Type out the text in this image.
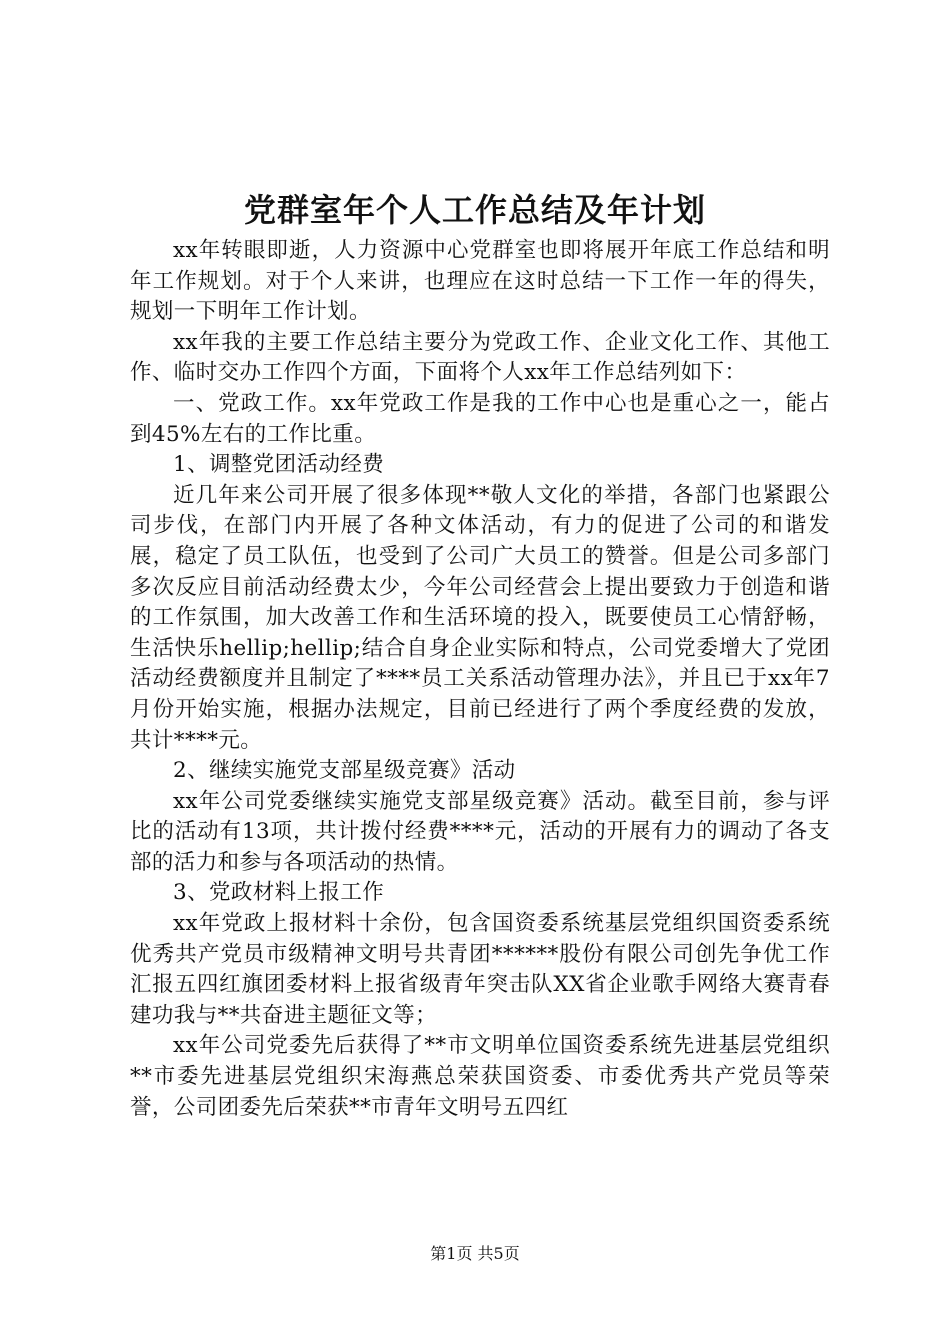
党群室年个人工作总结及年计划

xx年转眼即逝，人力资源中心党群室也即将展开年底工作总结和明年工作规划。对于个人来讲，也理应在这时总结一下工作一年的得失，规划一下明年工作计划。

xx年我的主要工作总结主要分为党政工作、企业文化工作、其他工作、临时交办工作四个方面，下面将个人xx年工作总结列如下：

一、党政工作。xx年党政工作是我的工作中心也是重心之一，能占到45%左右的工作比重。

1、调整党团活动经费

近几年来公司开展了很多体现**敬人文化的举措，各部门也紧跟公司步伐，在部门内开展了各种文体活动，有力的促进了公司的和谐发展，稳定了员工队伍，也受到了公司广大员工的赞誉。但是公司多部门多次反应目前活动经费太少，今年公司经营会上提出要致力于创造和谐的工作氛围，加大改善工作和生活环境的投入，既要使员工心情舒畅，生活快乐hellip;hellip;结合自身企业实际和特点，公司党委增大了党团活动经费额度并且制定了****员工关系活动管理办法》，并且已于xx年7月份开始实施，根据办法规定，目前已经进行了两个季度经费的发放，共计****元。

2、继续实施党支部星级竞赛》活动

xx年公司党委继续实施党支部星级竞赛》活动。截至目前，参与评比的活动有13项，共计拨付经费****元，活动的开展有力的调动了各支部的活力和参与各项活动的热情。

3、党政材料上报工作

xx年党政上报材料十余份，包含国资委系统基层党组织国资委系统优秀共产党员市级精神文明号共青团******股份有限公司创先争优工作汇报五四红旗团委材料上报省级青年突击队XX省企业歌手网络大赛青春建功我与**共奋进主题征文等；

xx年公司党委先后获得了**市文明单位国资委系统先进基层党组织**市委先进基层党组织宋海燕总荣获国资委、市委优秀共产党员等荣誉，公司团委先后荣获**市青年文明号五四红

第1页 共5页
